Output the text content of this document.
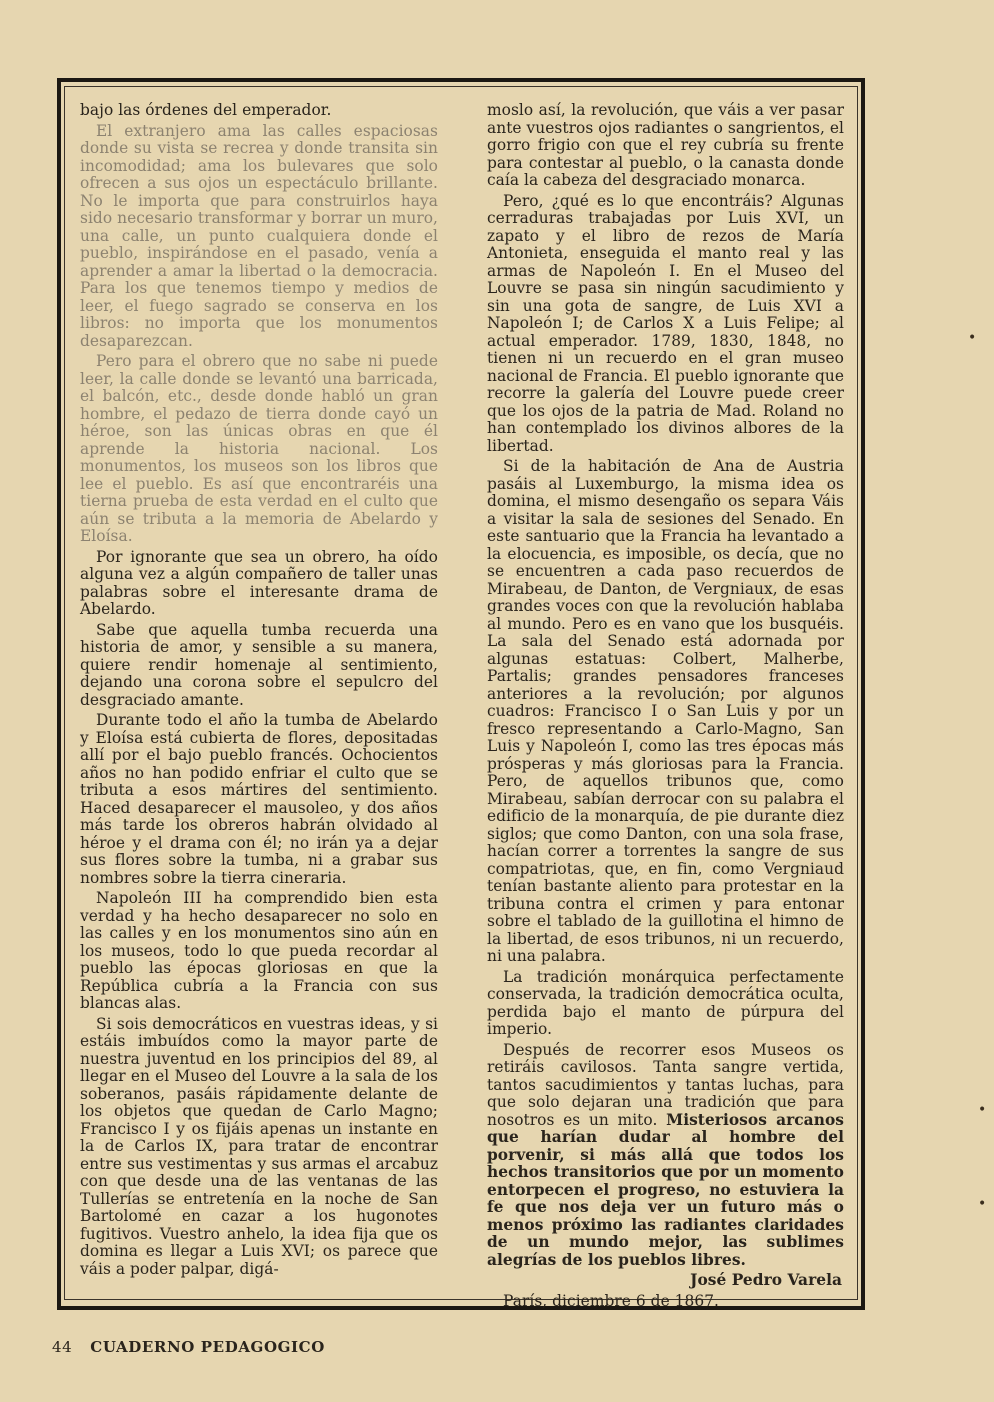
bajo las órdenes del emperador.

El extranjero ama las calles espaciosas donde su vista se recrea y donde transita sin incomodidad; ama los bulevares que solo ofrecen a sus ojos un espectáculo brillante. No le importa que para construirlos haya sido necesario transformar y borrar un muro, una calle, un punto cualquiera donde el pueblo, inspirándose en el pasado, venía a aprender a amar la libertad o la democracia. Para los que tenemos tiempo y medios de leer, el fuego sagrado se conserva en los libros: no importa que los monumentos desaparezcan.

Pero para el obrero que no sabe ni puede leer, la calle donde se levantó una barricada, el balcón, etc., desde donde habló un gran hombre, el pedazo de tierra donde cayó un héroe, son las únicas obras en que él aprende la historia nacional. Los monumentos, los museos son los libros que lee el pueblo. Es así que encontraréis una tierna prueba de esta verdad en el culto que aún se tributa a la memoria de Abelardo y Eloísa.

Por ignorante que sea un obrero, ha oído alguna vez a algún compañero de taller unas palabras sobre el interesante drama de Abelardo.

Sabe que aquella tumba recuerda una historia de amor, y sensible a su manera, quiere rendir homenaje al sentimiento, dejando una corona sobre el sepulcro del desgraciado amante.

Durante todo el año la tumba de Abelardo y Eloísa está cubierta de flores, depositadas allí por el bajo pueblo francés. Ochocientos años no han podido enfriar el culto que se tributa a esos mártires del sentimiento. Haced desaparecer el mausoleo, y dos años más tarde los obreros habrán olvidado al héroe y el drama con él; no irán ya a dejar sus flores sobre la tumba, ni a grabar sus nombres sobre la tierra cineraria.

Napoleón III ha comprendido bien esta verdad y ha hecho desaparecer no solo en las calles y en los monumentos sino aún en los museos, todo lo que pueda recordar al pueblo las épocas gloriosas en que la República cubría a la Francia con sus blancas alas.

Si sois democráticos en vuestras ideas, y si estáis imbuídos como la mayor parte de nuestra juventud en los principios del 89, al llegar en el Museo del Louvre a la sala de los soberanos, pasáis rápidamente delante de los objetos que quedan de Carlo Magno; Francisco I y os fijáis apenas un instante en la de Carlos IX, para tratar de encontrar entre sus vestimentas y sus armas el arcabuz con que desde una de las ventanas de las Tullerías se entretenía en la noche de San Bartolomé en cazar a los hugonotes fugitivos. Vuestro anhelo, la idea fija que os domina es llegar a Luis XVI; os parece que váis a poder palpar, digá-

moslo así, la revolución, que váis a ver pasar ante vuestros ojos radiantes o sangrientos, el gorro frigio con que el rey cubría su frente para contestar al pueblo, o la canasta donde caía la cabeza del desgraciado monarca.

Pero, ¿qué es lo que encontráis? Algunas cerraduras trabajadas por Luis XVI, un zapato y el libro de rezos de María Antonieta, enseguida el manto real y las armas de Napoleón I. En el Museo del Louvre se pasa sin ningún sacudimiento y sin una gota de sangre, de Luis XVI a Napoleón I; de Carlos X a Luis Felipe; al actual emperador. 1789, 1830, 1848, no tienen ni un recuerdo en el gran museo nacional de Francia. El pueblo ignorante que recorre la galería del Louvre puede creer que los ojos de la patria de Mad. Roland no han contemplado los divinos albores de la libertad.

Si de la habitación de Ana de Austria pasáis al Luxemburgo, la misma idea os domina, el mismo desengaño os separa Váis a visitar la sala de sesiones del Senado. En este santuario que la Francia ha levantado a la elocuencia, es imposible, os decía, que no se encuentren a cada paso recuerdos de Mirabeau, de Danton, de Vergniaux, de esas grandes voces con que la revolución hablaba al mundo. Pero es en vano que los busquéis. La sala del Senado está adornada por algunas estatuas: Colbert, Malherbe, Partalis; grandes pensadores franceses anteriores a la revolución; por algunos cuadros: Francisco I o San Luis y por un fresco representando a Carlo-Magno, San Luis y Napoleón I, como las tres épocas más prósperas y más gloriosas para la Francia. Pero, de aquellos tribunos que, como Mirabeau, sabían derrocar con su palabra el edificio de la monarquía, de pie durante diez siglos; que como Danton, con una sola frase, hacían correr a torrentes la sangre de sus compatriotas, que, en fin, como Vergniaud tenían bastante aliento para protestar en la tribuna contra el crimen y para entonar sobre el tablado de la guillotina el himno de la libertad, de esos tribunos, ni un recuerdo, ni una palabra.

La tradición monárquica perfectamente conservada, la tradición democrática oculta, perdida bajo el manto de púrpura del imperio.

Después de recorrer esos Museos os retiráis cavilosos. Tanta sangre vertida, tantos sacudimientos y tantas luchas, para que solo dejaran una tradición que para nosotros es un mito. Misteriosos arcanos que harían dudar al hombre del porvenir, si más allá que todos los hechos transitorios que por un momento entorpecen el progreso, no estuviera la fe que nos deja ver un futuro más o menos próximo las radiantes claridades de un mundo mejor, las sublimes alegrías de los pueblos libres.

José Pedro Varela

París, diciembre 6 de 1867.

44 CUADERNO PEDAGOGICO
•
•
•
